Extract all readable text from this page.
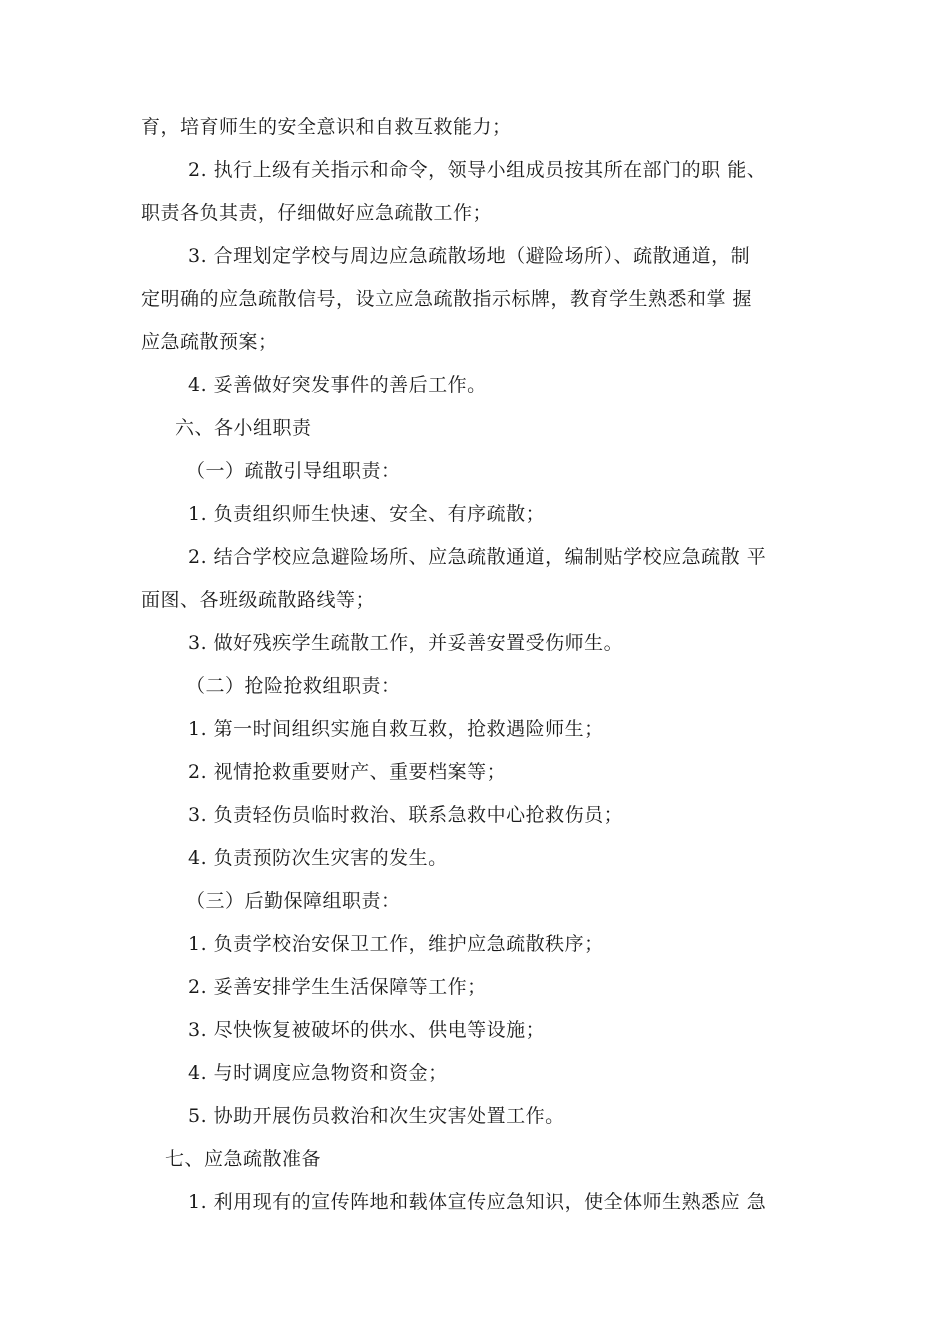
育，培育师生的安全意识和自救互救能力；
2. 执行上级有关指示和命令，领导小组成员按其所在部门的职 能、
职责各负其责，仔细做好应急疏散工作；
3. 合理划定学校与周边应急疏散场地（避险场所）、疏散通道，制
定明确的应急疏散信号，设立应急疏散指示标牌，教育学生熟悉和掌 握
应急疏散预案；
4. 妥善做好突发事件的善后工作。
六、各小组职责
（一）疏散引导组职责：
1. 负责组织师生快速、安全、有序疏散；
2. 结合学校应急避险场所、应急疏散通道，编制贴学校应急疏散 平
面图、各班级疏散路线等；
3. 做好残疾学生疏散工作，并妥善安置受伤师生。
（二）抢险抢救组职责：
1. 第一时间组织实施自救互救，抢救遇险师生；
2. 视情抢救重要财产、重要档案等；
3. 负责轻伤员临时救治、联系急救中心抢救伤员；
4. 负责预防次生灾害的发生。
（三）后勤保障组职责：
1. 负责学校治安保卫工作，维护应急疏散秩序；
2. 妥善安排学生生活保障等工作；
3. 尽快恢复被破坏的供水、供电等设施；
4. 与时调度应急物资和资金；
5. 协助开展伤员救治和次生灾害处置工作。
七、应急疏散准备
1. 利用现有的宣传阵地和载体宣传应急知识，使全体师生熟悉应 急
